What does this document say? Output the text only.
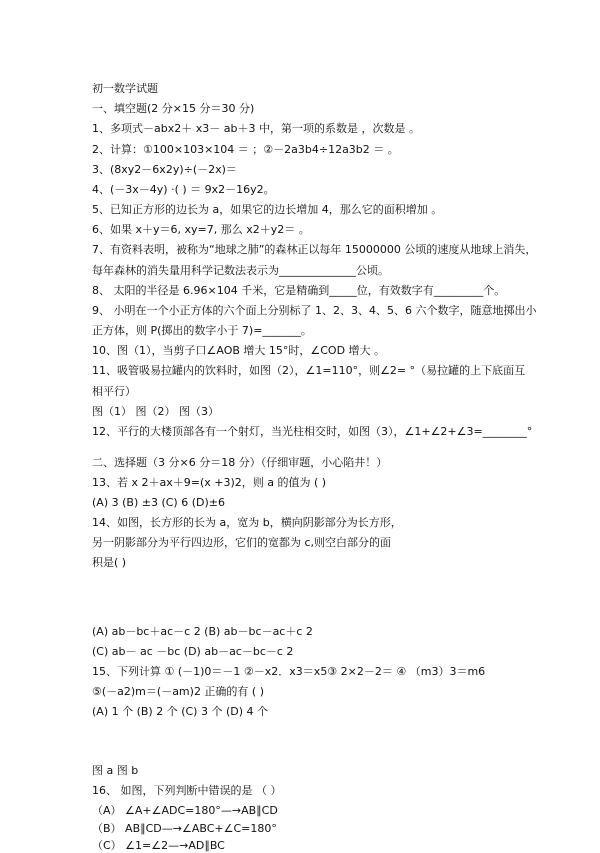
初一数学试题
一、填空题(2 分×15 分＝30 分)
1、多项式－abx2＋ x3－ ab＋3 中，第一项的系数是 ，次数是 。
2、计算：①100×103×104 ＝ ；②－2a3b4÷12a3b2 ＝ 。
3、(8xy2－6x2y)÷(－2x)＝
4、(－3x－4y) ·( ) ＝ 9x2－16y2。
5、已知正方形的边长为 a，如果它的边长增加 4，那么它的面积增加 。
6、如果 x＋y＝6, xy=7, 那么 x2＋y2＝ 。
7、有资料表明，被称为“地球之肺”的森林正以每年 15000000 公顷的速度从地球上消失，
每年森林的消失量用科学记数法表示为______________公顷。
8、 太阳的半径是 6.96×104 千米，它是精确到_____位，有效数字有_________个。
9、 小明在一个小正方体的六个面上分别标了 1、2、3、4、5、6 六个数字，随意地掷出小
正方体，则 P(掷出的数字小于 7)=_______。
10、图（1），当剪子口∠AOB 增大 15°时，∠COD 增大 。
11、吸管吸易拉罐内的饮料时，如图（2），∠1=110°，则∠2= °（易拉罐的上下底面互
相平行）
图（1） 图（2） 图（3）
12、平行的大楼顶部各有一个射灯，当光柱相交时，如图（3），∠1+∠2+∠3=________°
二、选择题（3 分×6 分＝18 分）（仔细审题，小心陷井！）
13、若 x 2＋ax＋9=(x +3)2，则 a 的值为 ( )
(A) 3 (B) ±3 (C) 6 (D)±6
14、如图，长方形的长为 a，宽为 b，横向阴影部分为长方形，
另一阴影部分为平行四边形，它们的宽都为 c,则空白部分的面
积是( )
(A) ab－bc＋ac－c 2 (B) ab－bc－ac＋c 2
(C) ab－ ac －bc (D) ab－ac－bc－c 2
15、下列计算 ① (－1)0＝－1 ②－x2．x3＝x5③ 2×2－2＝ ④ （m3）3＝m6
⑤(－a2)m＝(－am)2 正确的有 ( )
(A) 1 个 (B) 2 个 (C) 3 个 (D) 4 个
图 a 图 b
16、 如图，下列判断中错误的是 （ ）
（A） ∠A+∠ADC=180°—→AB∥CD
（B） AB∥CD—→∠ABC+∠C=180°
（C） ∠1=∠2—→AD∥BC
